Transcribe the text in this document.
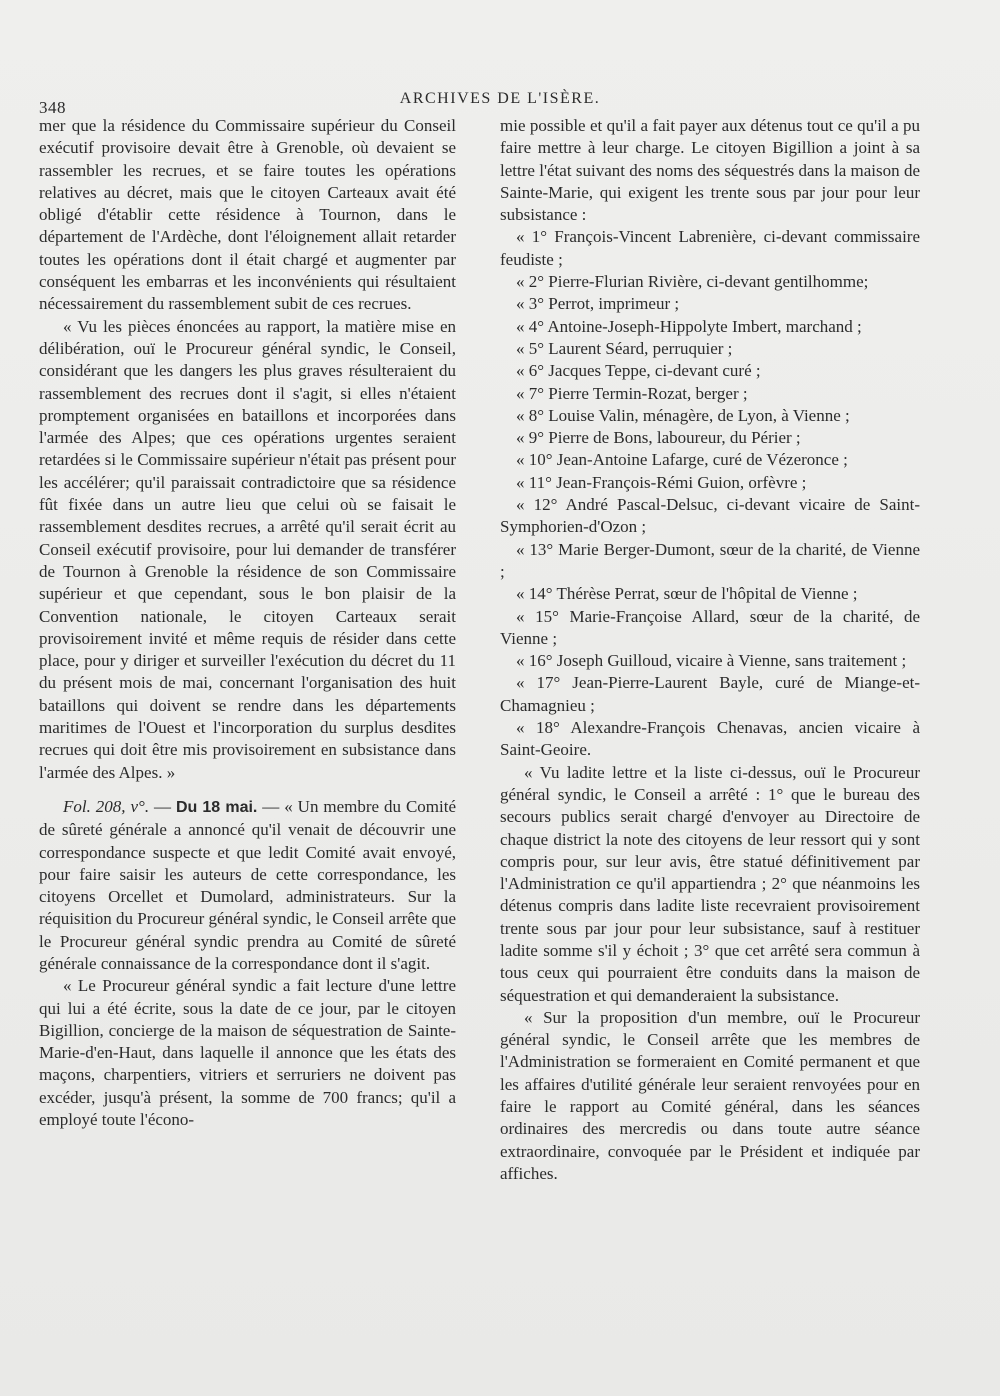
348	ARCHIVES DE L'ISÈRE.

mer que la résidence du Commissaire supérieur du Conseil exécutif provisoire devait être à Grenoble, où devaient se rassembler les recrues, et se faire toutes les opérations relatives au décret, mais que le citoyen Carteaux avait été obligé d'établir cette résidence à Tournon, dans le département de l'Ardèche, dont l'éloignement allait retarder toutes les opérations dont il était chargé et augmenter par conséquent les embarras et les inconvénients qui résultaient nécessairement du rassemblement subit de ces recrues.

« Vu les pièces énoncées au rapport, la matière mise en délibération, ouï le Procureur général syndic, le Conseil, considérant que les dangers les plus graves résulteraient du rassemblement des recrues dont il s'agit, si elles n'étaient promptement organisées en bataillons et incorporées dans l'armée des Alpes; que ces opérations urgentes seraient retardées si le Commissaire supérieur n'était pas présent pour les accélérer; qu'il paraissait contradictoire que sa résidence fût fixée dans un autre lieu que celui où se faisait le rassemblement desdites recrues, a arrêté qu'il serait écrit au Conseil exécutif provisoire, pour lui demander de transférer de Tournon à Grenoble la résidence de son Commissaire supérieur et que cependant, sous le bon plaisir de la Convention nationale, le citoyen Carteaux serait provisoirement invité et même requis de résider dans cette place, pour y diriger et surveiller l'exécution du décret du 11 du présent mois de mai, concernant l'organisation des huit bataillons qui doivent se rendre dans les départements maritimes de l'Ouest et l'incorporation du surplus desdites recrues qui doit être mis provisoirement en subsistance dans l'armée des Alpes. »

Fol. 208, v°. — Du 18 mai. — « Un membre du Comité de sûreté générale a annoncé qu'il venait de découvrir une correspondance suspecte et que ledit Comité avait envoyé, pour faire saisir les auteurs de cette correspondance, les citoyens Orcellet et Dumolard, administrateurs. Sur la réquisition du Procureur général syndic, le Conseil arrête que le Procureur général syndic prendra au Comité de sûreté générale connaissance de la correspondance dont il s'agit.

« Le Procureur général syndic a fait lecture d'une lettre qui lui a été écrite, sous la date de ce jour, par le citoyen Bigillion, concierge de la maison de séquestration de Sainte-Marie-d'en-Haut, dans laquelle il annonce que les états des maçons, charpentiers, vitriers et serruriers ne doivent pas excéder, jusqu'à présent, la somme de 700 francs; qu'il a employé toute l'écono-

mie possible et qu'il a fait payer aux détenus tout ce qu'il a pu faire mettre à leur charge. Le citoyen Bigillion a joint à sa lettre l'état suivant des noms des séquestrés dans la maison de Sainte-Marie, qui exigent les trente sous par jour pour leur subsistance :

« 1° François-Vincent Labrenière, ci-devant commissaire feudiste ;

« 2° Pierre-Flurian Rivière, ci-devant gentilhomme;

« 3° Perrot, imprimeur ;

« 4° Antoine-Joseph-Hippolyte Imbert, marchand ;

« 5° Laurent Séard, perruquier ;

« 6° Jacques Teppe, ci-devant curé ;

« 7° Pierre Termin-Rozat, berger ;

« 8° Louise Valin, ménagère, de Lyon, à Vienne ;

« 9° Pierre de Bons, laboureur, du Périer ;

« 10° Jean-Antoine Lafarge, curé de Vézeronce ;

« 11° Jean-François-Rémi Guion, orfèvre ;

« 12° André Pascal-Delsuc, ci-devant vicaire de Saint-Symphorien-d'Ozon ;

« 13° Marie Berger-Dumont, sœur de la charité, de Vienne ;

« 14° Thérèse Perrat, sœur de l'hôpital de Vienne ;

« 15° Marie-Françoise Allard, sœur de la charité, de Vienne ;

« 16° Joseph Guilloud, vicaire à Vienne, sans traitement ;

« 17° Jean-Pierre-Laurent Bayle, curé de Miange-et-Chamagnieu ;

« 18° Alexandre-François Chenavas, ancien vicaire à Saint-Geoire.

« Vu ladite lettre et la liste ci-dessus, ouï le Procureur général syndic, le Conseil a arrêté : 1° que le bureau des secours publics serait chargé d'envoyer au Directoire de chaque district la note des citoyens de leur ressort qui y sont compris pour, sur leur avis, être statué définitivement par l'Administration ce qu'il appartiendra ; 2° que néanmoins les détenus compris dans ladite liste recevraient provisoirement trente sous par jour pour leur subsistance, sauf à restituer ladite somme s'il y échoit ; 3° que cet arrêté sera commun à tous ceux qui pourraient être conduits dans la maison de séquestration et qui demanderaient la subsistance.

« Sur la proposition d'un membre, ouï le Procureur général syndic, le Conseil arrête que les membres de l'Administration se formeraient en Comité permanent et que les affaires d'utilité générale leur seraient renvoyées pour en faire le rapport au Comité général, dans les séances ordinaires des mercredis ou dans toute autre séance extraordinaire, convoquée par le Président et indiquée par affiches.
